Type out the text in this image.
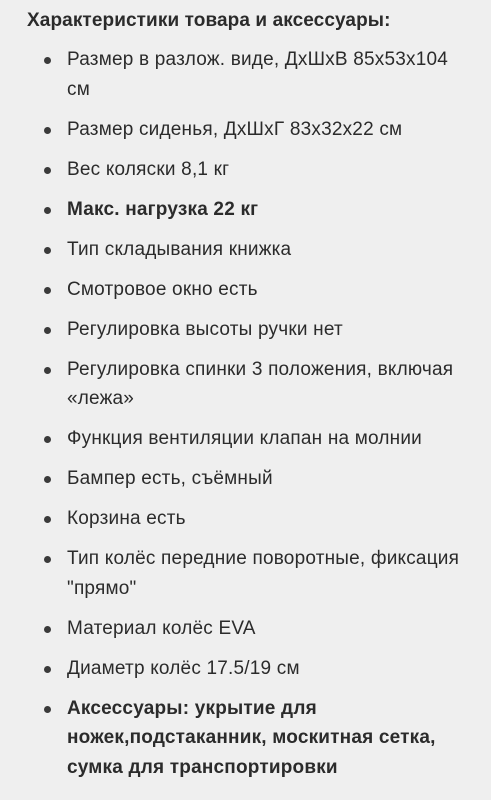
Характеристики товара и аксессуары:
Размер в разлож. виде, ДхШхВ 85х53х104 см
Размер сиденья, ДхШхГ 83х32х22 см
Вес коляски 8,1 кг
Макс. нагрузка 22 кг
Тип складывания книжка
Смотровое окно есть
Регулировка высоты ручки нет
Регулировка спинки 3 положения, включая «лежа»
Функция вентиляции клапан на молнии
Бампер есть, съёмный
Корзина есть
Тип колёс передние поворотные, фиксация "прямо"
Материал колёс EVA
Диаметр колёс 17.5/19 см
Аксессуары: укрытие для ножек,подстаканник, москитная сетка, сумка для транспортировки
